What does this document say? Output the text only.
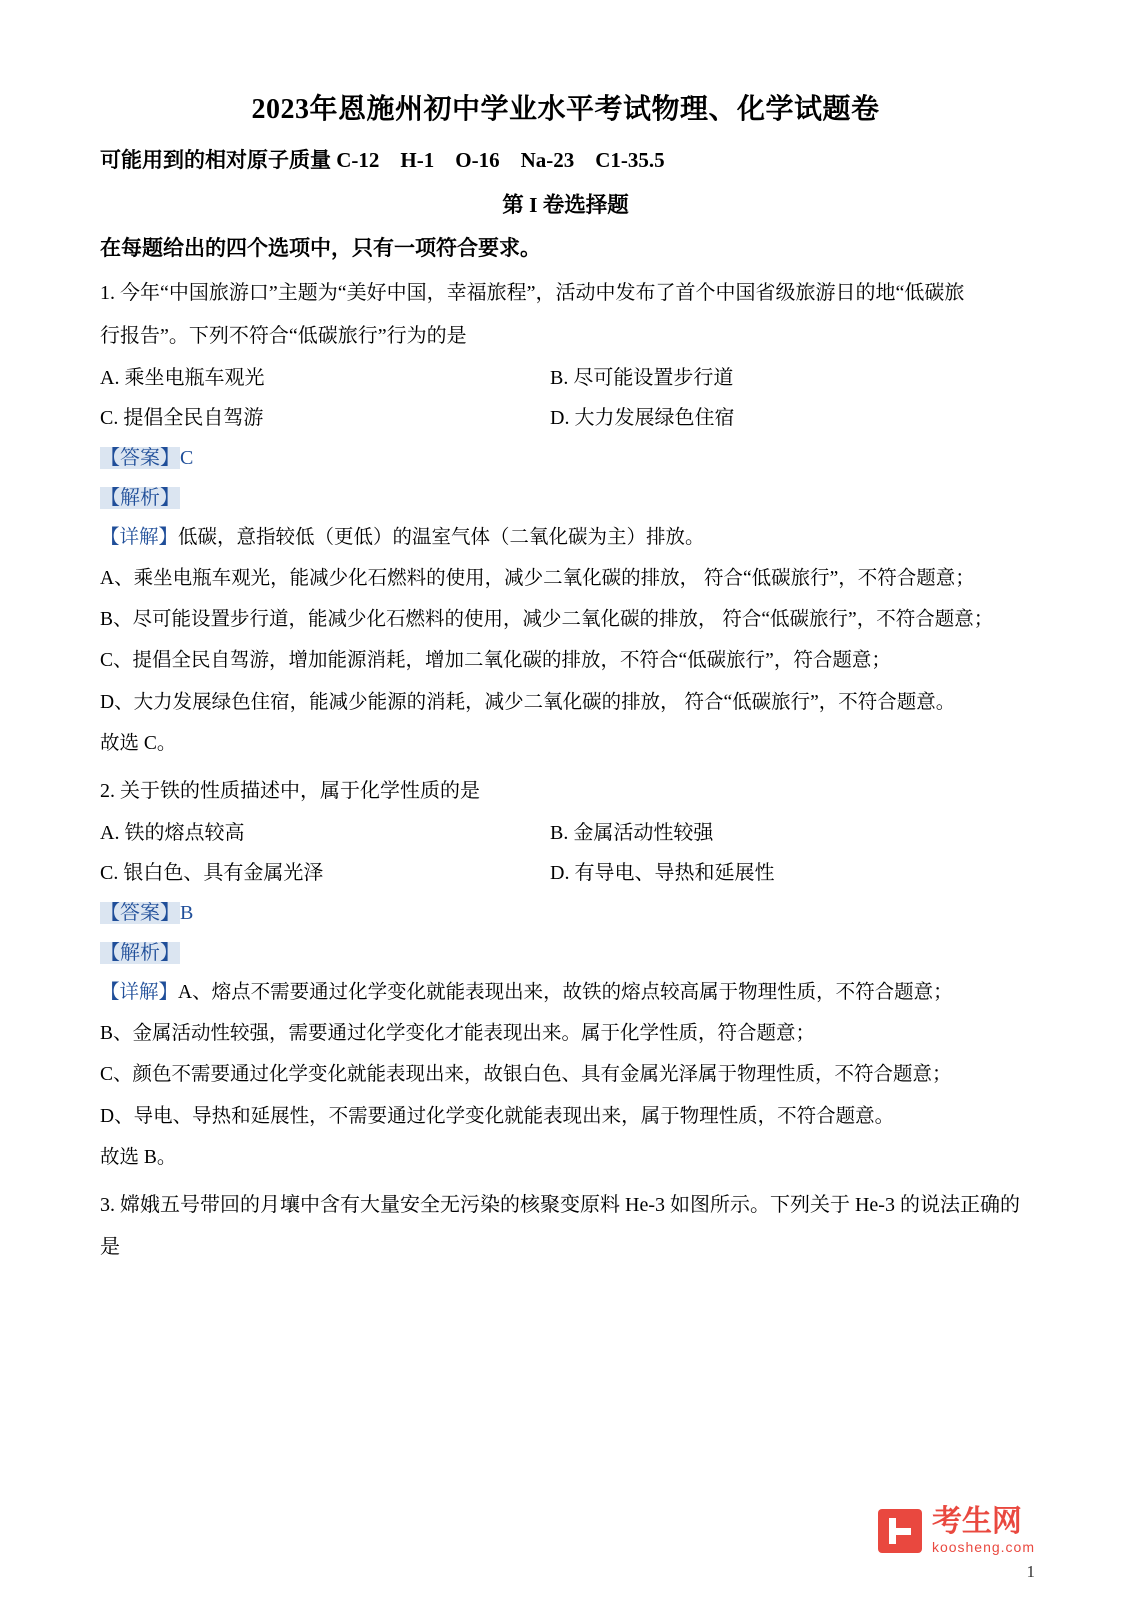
2023年恩施州初中学业水平考试物理、化学试题卷
可能用到的相对原子质量 C-12　H-1　O-16　Na-23　C1-35.5
第 I 卷选择题
在每题给出的四个选项中，只有一项符合要求。
1. 今年“中国旅游口”主题为“美好中国，幸福旅程”，活动中发布了首个中国省级旅游日的地“低碳旅
行报告”。下列不符合“低碳旅行”行为的是
A. 乘坐电瓶车观光	B. 尽可能设置步行道
C. 提倡全民自驾游	D. 大力发展绿色住宿
【答案】C
【解析】
【详解】低碳，意指较低（更低）的温室气体（二氧化碳为主）排放。
A、乘坐电瓶车观光，能减少化石燃料的使用，减少二氧化碳的排放， 符合“低碳旅行”，不符合题意；
B、尽可能设置步行道，能减少化石燃料的使用，减少二氧化碳的排放， 符合“低碳旅行”，不符合题意；
C、提倡全民自驾游，增加能源消耗，增加二氧化碳的排放，不符合“低碳旅行”，符合题意；
D、大力发展绿色住宿，能减少能源的消耗，减少二氧化碳的排放， 符合“低碳旅行”，不符合题意。
故选 C。
2. 关于铁的性质描述中，属于化学性质的是
A. 铁的熔点较高	B. 金属活动性较强
C. 银白色、具有金属光泽	D. 有导电、导热和延展性
【答案】B
【解析】
【详解】A、熔点不需要通过化学变化就能表现出来，故铁的熔点较高属于物理性质，不符合题意；
B、金属活动性较强，需要通过化学变化才能表现出来。属于化学性质，符合题意；
C、颜色不需要通过化学变化就能表现出来，故银白色、具有金属光泽属于物理性质，不符合题意；
D、导电、导热和延展性，不需要通过化学变化就能表现出来，属于物理性质，不符合题意。
故选 B。
3. 嫦娥五号带回的月壤中含有大量安全无污染的核聚变原料 He-3 如图所示。下列关于 He-3 的说法正确的
是
考生网
koosheng.com
1
